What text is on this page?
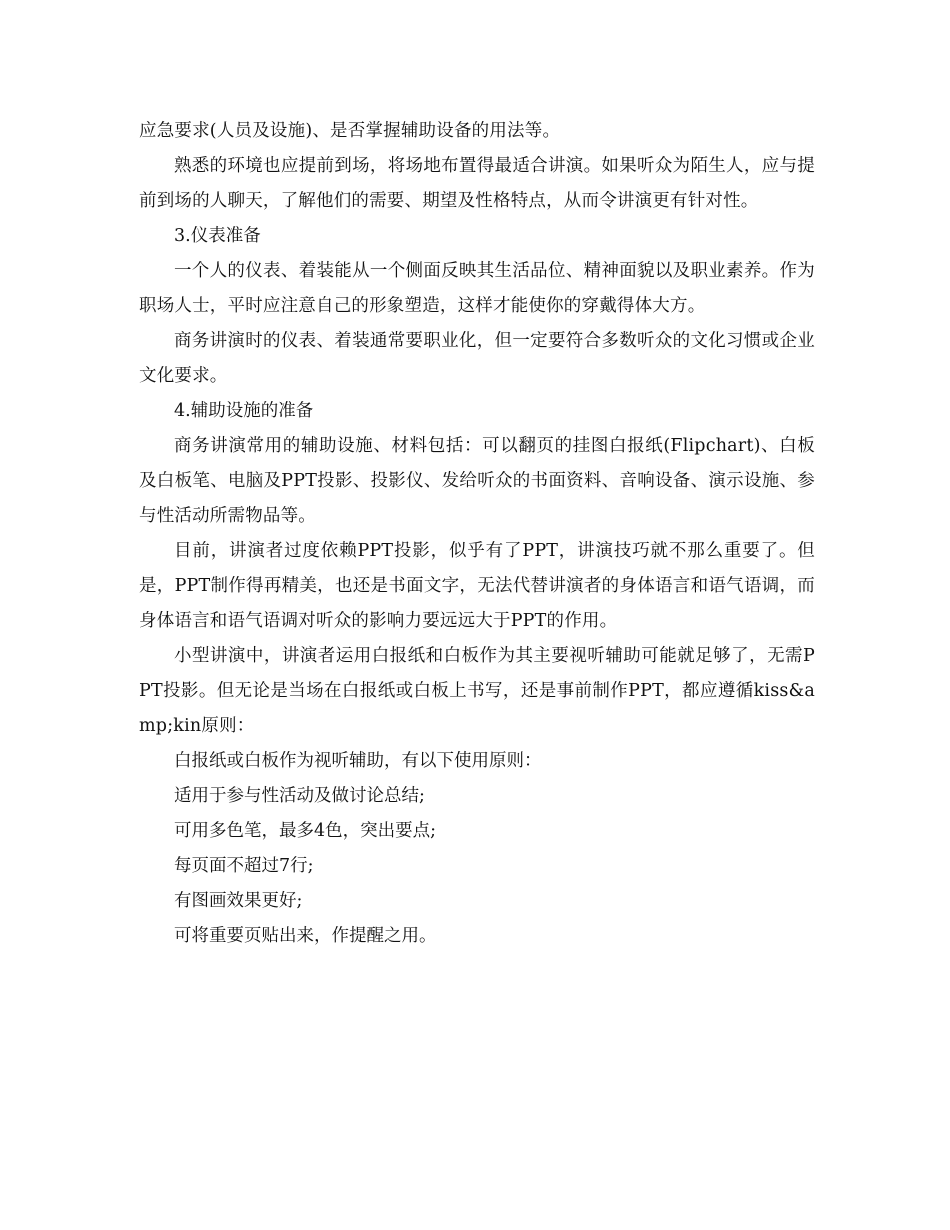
应急要求(人员及设施)、是否掌握辅助设备的用法等。

熟悉的环境也应提前到场，将场地布置得最适合讲演。如果听众为陌生人，应与提前到场的人聊天，了解他们的需要、期望及性格特点，从而令讲演更有针对性。

3.仪表准备

一个人的仪表、着装能从一个侧面反映其生活品位、精神面貌以及职业素养。作为职场人士，平时应注意自己的形象塑造，这样才能使你的穿戴得体大方。

商务讲演时的仪表、着装通常要职业化，但一定要符合多数听众的文化习惯或企业文化要求。

4.辅助设施的准备

商务讲演常用的辅助设施、材料包括：可以翻页的挂图白报纸(Flipchart)、白板及白板笔、电脑及PPT投影、投影仪、发给听众的书面资料、音响设备、演示设施、参与性活动所需物品等。

目前，讲演者过度依赖PPT投影，似乎有了PPT，讲演技巧就不那么重要了。但是，PPT制作得再精美，也还是书面文字，无法代替讲演者的身体语言和语气语调，而身体语言和语气语调对听众的影响力要远远大于PPT的作用。

小型讲演中，讲演者运用白报纸和白板作为其主要视听辅助可能就足够了，无需PPT投影。但无论是当场在白报纸或白板上书写，还是事前制作PPT，都应遵循kiss&amp;kin原则：

白报纸或白板作为视听辅助，有以下使用原则：

适用于参与性活动及做讨论总结;

可用多色笔，最多4色，突出要点;

每页面不超过7行;

有图画效果更好;

可将重要页贴出来，作提醒之用。
